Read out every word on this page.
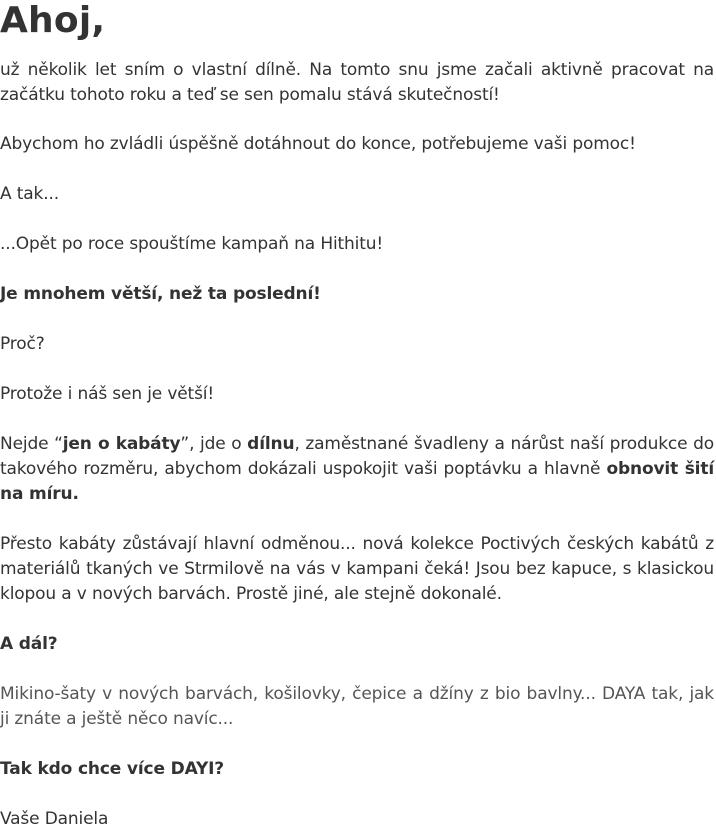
Ahoj,

už několik let sním o vlastní dílně. Na tomto snu jsme začali aktivně pracovat na začátku tohoto roku a teď se sen pomalu stává skutečností!

Abychom ho zvládli úspěšně dotáhnout do konce, potřebujeme vaši pomoc!

A tak...

...Opět po roce spouštíme kampaň na Hithitu!

Je mnohem větší, než ta poslední!

Proč?

Protože i náš sen je větší!

Nejde “jen o kabáty”, jde o dílnu, zaměstnané švadleny a nárůst naší produkce do takového rozměru, abychom dokázali uspokojit vaši poptávku a hlavně obnovit šití na míru.

Přesto kabáty zůstávají hlavní odměnou... nová kolekce Poctivých českých kabátů z materiálů tkaných ve Strmilově na vás v kampani čeká! Jsou bez kapuce, s klasickou klopou a v nových barvách. Prostě jiné, ale stejně dokonalé.

A dál?

Mikino-šaty v nových barvách, košilovky, čepice a džíny z bio bavlny... DAYA tak, jak ji znáte a ještě něco navíc...

Tak kdo chce více DAYI?

Vaše Daniela
